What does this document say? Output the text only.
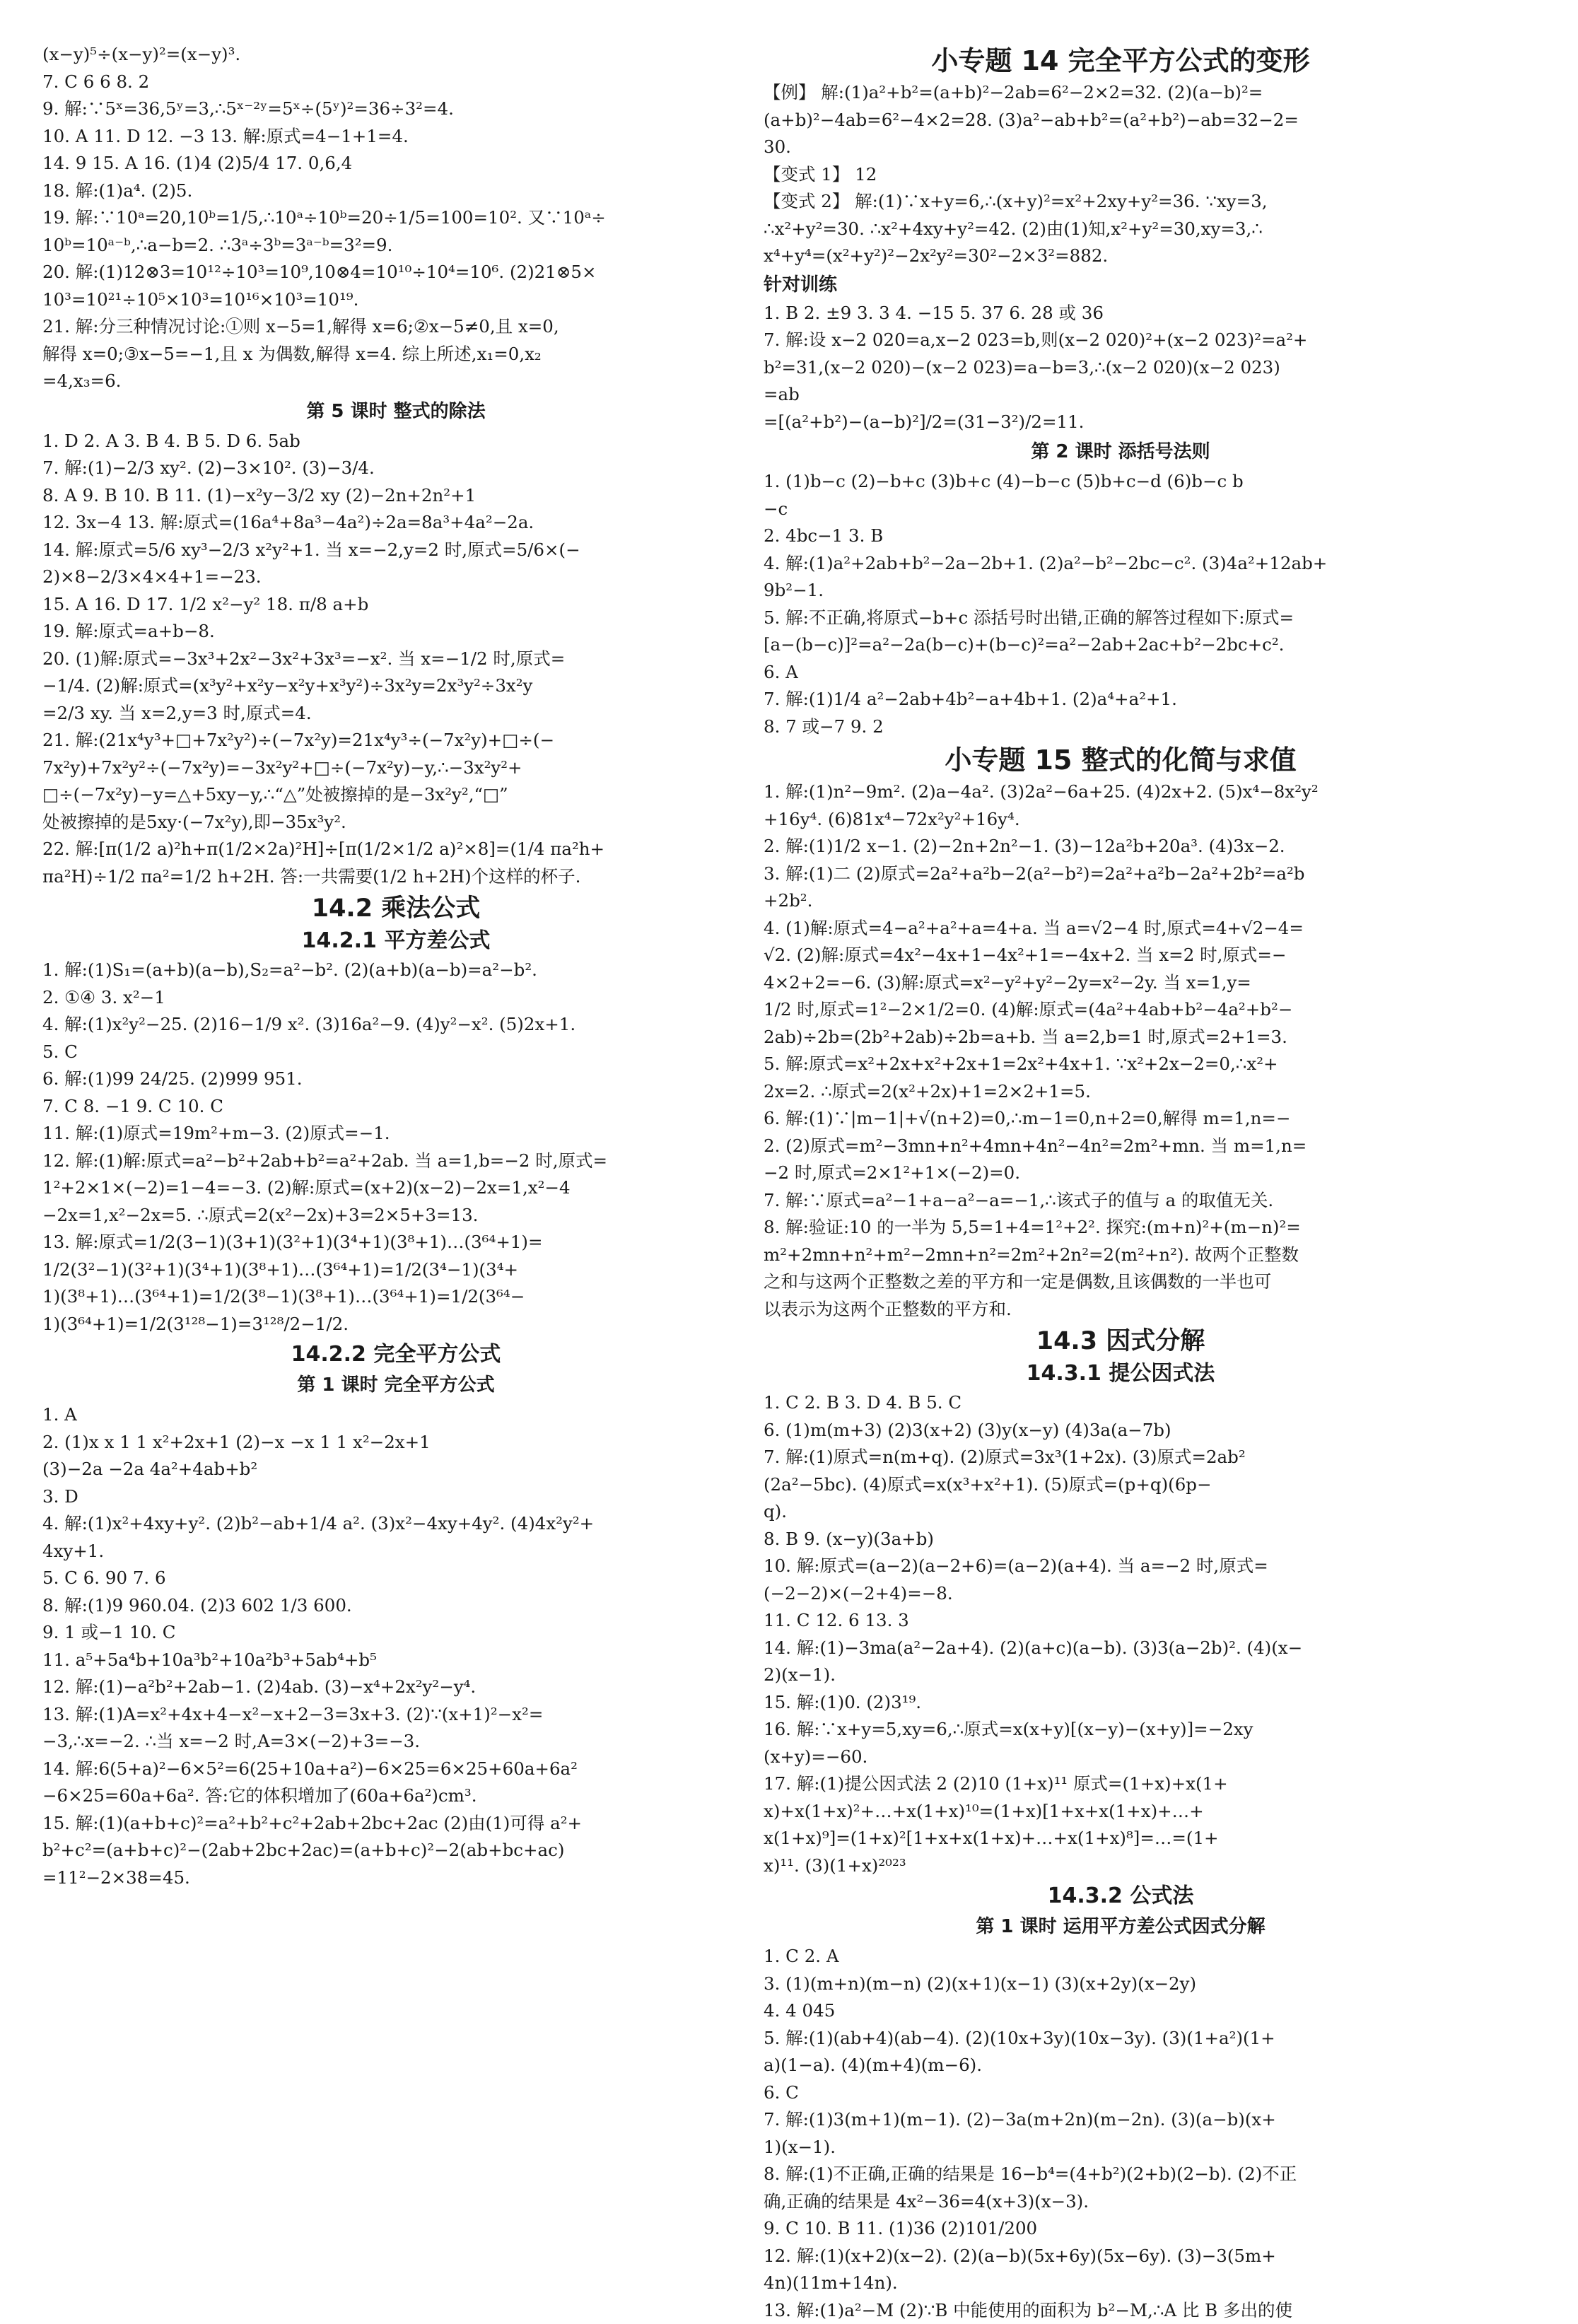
(x−y)⁵÷(x−y)²=(x−y)³.
7. C 6 6 8. 2
9. 解:∵5ˣ=36,5ʸ=3,∴5ˣ⁻²ʸ=5ˣ÷(5ʸ)²=36÷3²=4.
10. A 11. D 12. −3 13. 解:原式=4−1+1=4.
14. 9 15. A 16. (1)4 (2)5/4 17. 0,6,4
18. 解:(1)a⁴. (2)5.
19. 解:∵10ᵃ=20,10ᵇ=1/5,∴10ᵃ÷10ᵇ=20÷1/5=100=10². 又∵10ᵃ÷
10ᵇ=10ᵃ⁻ᵇ,∴a−b=2. ∴3ᵃ÷3ᵇ=3ᵃ⁻ᵇ=3²=9.
20. 解:(1)12⊗3=10¹²÷10³=10⁹,10⊗4=10¹⁰÷10⁴=10⁶. (2)21⊗5×
10³=10²¹÷10⁵×10³=10¹⁶×10³=10¹⁹.
21. 解:分三种情况讨论:①则 x−5=1,解得 x=6;②x−5≠0,且 x=0,
解得 x=0;③x−5=−1,且 x 为偶数,解得 x=4. 综上所述,x₁=0,x₂
=4,x₃=6.
第 5 课时 整式的除法
1. D 2. A 3. B 4. B 5. D 6. 5ab
7. 解:(1)−2/3 xy². (2)−3×10². (3)−3/4.
8. A 9. B 10. B 11. (1)−x²y−3/2 xy (2)−2n+2n²+1
12. 3x−4 13. 解:原式=(16a⁴+8a³−4a²)÷2a=8a³+4a²−2a.
14. 解:原式=5/6 xy³−2/3 x²y²+1. 当 x=−2,y=2 时,原式=5/6×(−
2)×8−2/3×4×4+1=−23.
15. A 16. D 17. 1/2 x²−y² 18. π/8 a+b
19. 解:原式=a+b−8.
20. (1)解:原式=−3x³+2x²−3x²+3x³=−x². 当 x=−1/2 时,原式=
−1/4. (2)解:原式=(x³y²+x²y−x²y+x³y²)÷3x²y=2x³y²÷3x²y
=2/3 xy. 当 x=2,y=3 时,原式=4.
21. 解:(21x⁴y³+□+7x²y²)÷(−7x²y)=21x⁴y³÷(−7x²y)+□÷(−
7x²y)+7x²y²÷(−7x²y)=−3x²y²+□÷(−7x²y)−y,∴−3x²y²+
□÷(−7x²y)−y=△+5xy−y,∴“△”处被擦掉的是−3x²y²,“□”
处被擦掉的是5xy·(−7x²y),即−35x³y².
22. 解:[π(1/2 a)²h+π(1/2×2a)²H]÷[π(1/2×1/2 a)²×8]=(1/4 πa²h+
πa²H)÷1/2 πa²=1/2 h+2H. 答:一共需要(1/2 h+2H)个这样的杯子.
14.2 乘法公式
14.2.1 平方差公式
1. 解:(1)S₁=(a+b)(a−b),S₂=a²−b². (2)(a+b)(a−b)=a²−b².
2. ①④ 3. x²−1
4. 解:(1)x²y²−25. (2)16−1/9 x². (3)16a²−9. (4)y²−x². (5)2x+1.
5. C
6. 解:(1)99 24/25. (2)999 951.
7. C 8. −1 9. C 10. C
11. 解:(1)原式=19m²+m−3. (2)原式=−1.
12. 解:(1)解:原式=a²−b²+2ab+b²=a²+2ab. 当 a=1,b=−2 时,原式=
1²+2×1×(−2)=1−4=−3. (2)解:原式=(x+2)(x−2)−2x=1,x²−4
−2x=1,x²−2x=5. ∴原式=2(x²−2x)+3=2×5+3=13.
13. 解:原式=1/2(3−1)(3+1)(3²+1)(3⁴+1)(3⁸+1)…(3⁶⁴+1)=
1/2(3²−1)(3²+1)(3⁴+1)(3⁸+1)…(3⁶⁴+1)=1/2(3⁴−1)(3⁴+
1)(3⁸+1)…(3⁶⁴+1)=1/2(3⁸−1)(3⁸+1)…(3⁶⁴+1)=1/2(3⁶⁴−
1)(3⁶⁴+1)=1/2(3¹²⁸−1)=3¹²⁸/2−1/2.
14.2.2 完全平方公式
第 1 课时 完全平方公式
1. A
2. (1)x x 1 1 x²+2x+1 (2)−x −x 1 1 x²−2x+1
(3)−2a −2a 4a²+4ab+b²
3. D
4. 解:(1)x²+4xy+y². (2)b²−ab+1/4 a². (3)x²−4xy+4y². (4)4x²y²+
4xy+1.
5. C 6. 90 7. 6
8. 解:(1)9 960.04. (2)3 602 1/3 600.
9. 1 或−1 10. C
11. a⁵+5a⁴b+10a³b²+10a²b³+5ab⁴+b⁵
12. 解:(1)−a²b²+2ab−1. (2)4ab. (3)−x⁴+2x²y²−y⁴.
13. 解:(1)A=x²+4x+4−x²−x+2−3=3x+3. (2)∵(x+1)²−x²=
−3,∴x=−2. ∴当 x=−2 时,A=3×(−2)+3=−3.
14. 解:6(5+a)²−6×5²=6(25+10a+a²)−6×25=6×25+60a+6a²
−6×25=60a+6a². 答:它的体积增加了(60a+6a²)cm³.
15. 解:(1)(a+b+c)²=a²+b²+c²+2ab+2bc+2ac (2)由(1)可得 a²+
b²+c²=(a+b+c)²−(2ab+2bc+2ac)=(a+b+c)²−2(ab+bc+ac)
=11²−2×38=45.
小专题 14 完全平方公式的变形
【例】 解:(1)a²+b²=(a+b)²−2ab=6²−2×2=32. (2)(a−b)²=
(a+b)²−4ab=6²−4×2=28. (3)a²−ab+b²=(a²+b²)−ab=32−2=
30.
【变式 1】 12
【变式 2】 解:(1)∵x+y=6,∴(x+y)²=x²+2xy+y²=36. ∵xy=3,
∴x²+y²=30. ∴x²+4xy+y²=42. (2)由(1)知,x²+y²=30,xy=3,∴
x⁴+y⁴=(x²+y²)²−2x²y²=30²−2×3²=882.
针对训练
1. B 2. ±9 3. 3 4. −15 5. 37 6. 28 或 36
7. 解:设 x−2 020=a,x−2 023=b,则(x−2 020)²+(x−2 023)²=a²+
b²=31,(x−2 020)−(x−2 023)=a−b=3,∴(x−2 020)(x−2 023)
=ab
=[(a²+b²)−(a−b)²]/2=(31−3²)/2=11.
第 2 课时 添括号法则
1. (1)b−c (2)−b+c (3)b+c (4)−b−c (5)b+c−d (6)b−c b
−c
2. 4bc−1 3. B
4. 解:(1)a²+2ab+b²−2a−2b+1. (2)a²−b²−2bc−c². (3)4a²+12ab+
9b²−1.
5. 解:不正确,将原式−b+c 添括号时出错,正确的解答过程如下:原式=
[a−(b−c)]²=a²−2a(b−c)+(b−c)²=a²−2ab+2ac+b²−2bc+c².
6. A
7. 解:(1)1/4 a²−2ab+4b²−a+4b+1. (2)a⁴+a²+1.
8. 7 或−7 9. 2
小专题 15 整式的化简与求值
1. 解:(1)n²−9m². (2)a−4a². (3)2a²−6a+25. (4)2x+2. (5)x⁴−8x²y²
+16y⁴. (6)81x⁴−72x²y²+16y⁴.
2. 解:(1)1/2 x−1. (2)−2n+2n²−1. (3)−12a²b+20a³. (4)3x−2.
3. 解:(1)二 (2)原式=2a²+a²b−2(a²−b²)=2a²+a²b−2a²+2b²=a²b
+2b².
4. (1)解:原式=4−a²+a²+a=4+a. 当 a=√2−4 时,原式=4+√2−4=
√2. (2)解:原式=4x²−4x+1−4x²+1=−4x+2. 当 x=2 时,原式=−
4×2+2=−6. (3)解:原式=x²−y²+y²−2y=x²−2y. 当 x=1,y=
1/2 时,原式=1²−2×1/2=0. (4)解:原式=(4a²+4ab+b²−4a²+b²−
2ab)÷2b=(2b²+2ab)÷2b=a+b. 当 a=2,b=1 时,原式=2+1=3.
5. 解:原式=x²+2x+x²+2x+1=2x²+4x+1. ∵x²+2x−2=0,∴x²+
2x=2. ∴原式=2(x²+2x)+1=2×2+1=5.
6. 解:(1)∵|m−1|+√(n+2)=0,∴m−1=0,n+2=0,解得 m=1,n=−
2. (2)原式=m²−3mn+n²+4mn+4n²−4n²=2m²+mn. 当 m=1,n=
−2 时,原式=2×1²+1×(−2)=0.
7. 解:∵原式=a²−1+a−a²−a=−1,∴该式子的值与 a 的取值无关.
8. 解:验证:10 的一半为 5,5=1+4=1²+2². 探究:(m+n)²+(m−n)²=
m²+2mn+n²+m²−2mn+n²=2m²+2n²=2(m²+n²). 故两个正整数
之和与这两个正整数之差的平方和一定是偶数,且该偶数的一半也可
以表示为这两个正整数的平方和.
14.3 因式分解
14.3.1 提公因式法
1. C 2. B 3. D 4. B 5. C
6. (1)m(m+3) (2)3(x+2) (3)y(x−y) (4)3a(a−7b)
7. 解:(1)原式=n(m+q). (2)原式=3x³(1+2x). (3)原式=2ab²
(2a²−5bc). (4)原式=x(x³+x²+1). (5)原式=(p+q)(6p−
q).
8. B 9. (x−y)(3a+b)
10. 解:原式=(a−2)(a−2+6)=(a−2)(a+4). 当 a=−2 时,原式=
(−2−2)×(−2+4)=−8.
11. C 12. 6 13. 3
14. 解:(1)−3ma(a²−2a+4). (2)(a+c)(a−b). (3)3(a−2b)². (4)(x−
2)(x−1).
15. 解:(1)0. (2)3¹⁹.
16. 解:∵x+y=5,xy=6,∴原式=x(x+y)[(x−y)−(x+y)]=−2xy
(x+y)=−60.
17. 解:(1)提公因式法 2 (2)10 (1+x)¹¹ 原式=(1+x)+x(1+
x)+x(1+x)²+…+x(1+x)¹⁰=(1+x)[1+x+x(1+x)+…+
x(1+x)⁹]=(1+x)²[1+x+x(1+x)+…+x(1+x)⁸]=…=(1+
x)¹¹. (3)(1+x)²⁰²³
14.3.2 公式法
第 1 课时 运用平方差公式因式分解
1. C 2. A
3. (1)(m+n)(m−n) (2)(x+1)(x−1) (3)(x+2y)(x−2y)
4. 4 045
5. 解:(1)(ab+4)(ab−4). (2)(10x+3y)(10x−3y). (3)(1+a²)(1+
a)(1−a). (4)(m+4)(m−6).
6. C
7. 解:(1)3(m+1)(m−1). (2)−3a(m+2n)(m−2n). (3)(a−b)(x+
1)(x−1).
8. 解:(1)不正确,正确的结果是 16−b⁴=(4+b²)(2+b)(2−b). (2)不正
确,正确的结果是 4x²−36=4(x+3)(x−3).
9. C 10. B 11. (1)36 (2)101/200
12. 解:(1)(x+2)(x−2). (2)(a−b)(5x+6y)(5x−6y). (3)−3(5m+
4n)(11m+14n).
13. 解:(1)a²−M (2)∵B 中能使用的面积为 b²−M,∴A 比 B 多出的使
